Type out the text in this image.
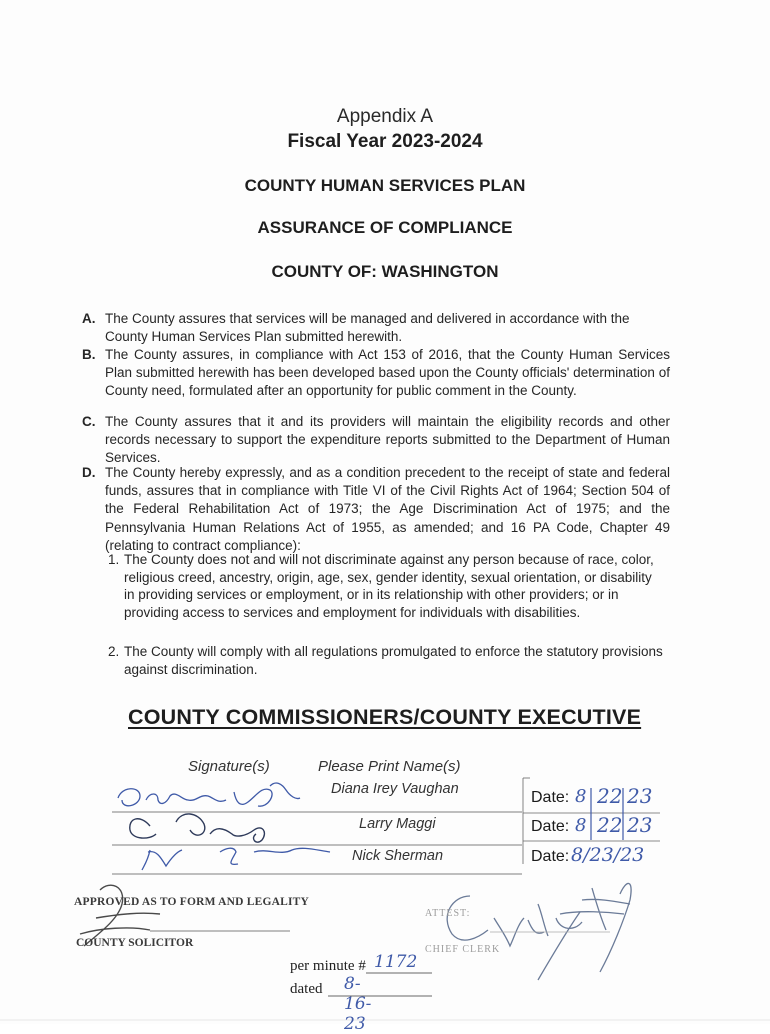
Appendix A
Fiscal Year 2023-2024
COUNTY HUMAN SERVICES PLAN
ASSURANCE OF COMPLIANCE
COUNTY OF: WASHINGTON
A. The County assures that services will be managed and delivered in accordance with the County Human Services Plan submitted herewith.
B. The County assures, in compliance with Act 153 of 2016, that the County Human Services Plan submitted herewith has been developed based upon the County officials' determination of County need, formulated after an opportunity for public comment in the County.
C. The County assures that it and its providers will maintain the eligibility records and other records necessary to support the expenditure reports submitted to the Department of Human Services.
D. The County hereby expressly, and as a condition precedent to the receipt of state and federal funds, assures that in compliance with Title VI of the Civil Rights Act of 1964; Section 504 of the Federal Rehabilitation Act of 1973; the Age Discrimination Act of 1975; and the Pennsylvania Human Relations Act of 1955, as amended; and 16 PA Code, Chapter 49 (relating to contract compliance):
1. The County does not and will not discriminate against any person because of race, color, religious creed, ancestry, origin, age, sex, gender identity, sexual orientation, or disability in providing services or employment, or in its relationship with other providers; or in providing access to services and employment for individuals with disabilities.
2. The County will comply with all regulations promulgated to enforce the statutory provisions against discrimination.
COUNTY COMMISSIONERS/COUNTY EXECUTIVE
Signature(s)	Please Print Name(s)
Diana Irey Vaughan
Larry Maggi
Nick Sherman
Date: 8 22 23
Date: 8 22 23
Date: 8/23/23
APPROVED AS TO FORM AND LEGALITY
COUNTY SOLICITOR
ATTEST:
CHIEF CLERK
per minute # 1172
dated 8-16-23
